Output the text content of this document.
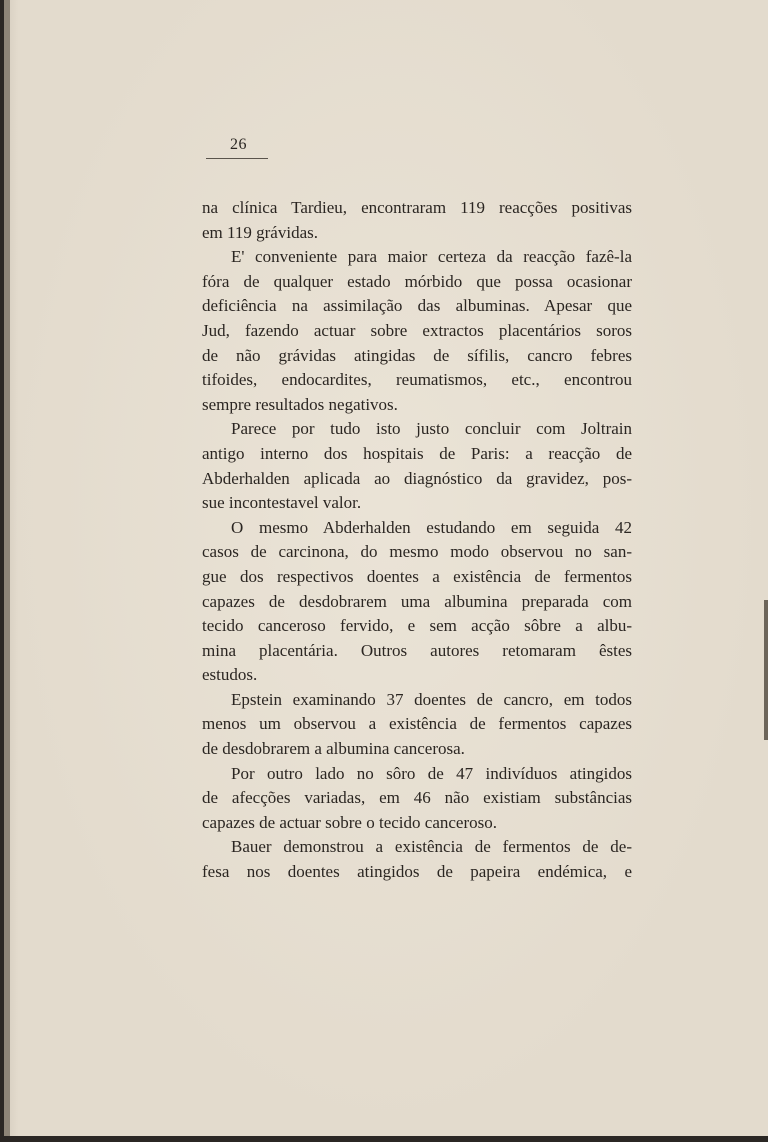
26
na clínica Tardieu, encontraram 119 reacções positivas
em 119 grávidas.
E' conveniente para maior certeza da reacção fazê-la
fóra de qualquer estado mórbido que possa ocasionar
deficiência na assimilação das albuminas. Apesar que
Jud, fazendo actuar sobre extractos placentários soros
de não grávidas atingidas de sífilis, cancro febres
tifoides, endocardites, reumatismos, etc., encontrou
sempre resultados negativos.
Parece por tudo isto justo concluir com Joltrain
antigo interno dos hospitais de Paris: a reacção de
Abderhalden aplicada ao diagnóstico da gravidez, pos-
sue incontestavel valor.
O mesmo Abderhalden estudando em seguida 42
casos de carcinona, do mesmo modo observou no san-
gue dos respectivos doentes a existência de fermentos
capazes de desdobrarem uma albumina preparada com
tecido canceroso fervido, e sem acção sôbre a albu-
mina placentária. Outros autores retomaram êstes
estudos.
Epstein examinando 37 doentes de cancro, em todos
menos um observou a existência de fermentos capazes
de desdobrarem a albumina cancerosa.
Por outro lado no sôro de 47 indivíduos atingidos
de afecções variadas, em 46 não existiam substâncias
capazes de actuar sobre o tecido canceroso.
Bauer demonstrou a existência de fermentos de de-
fesa nos doentes atingidos de papeira endémica, e
